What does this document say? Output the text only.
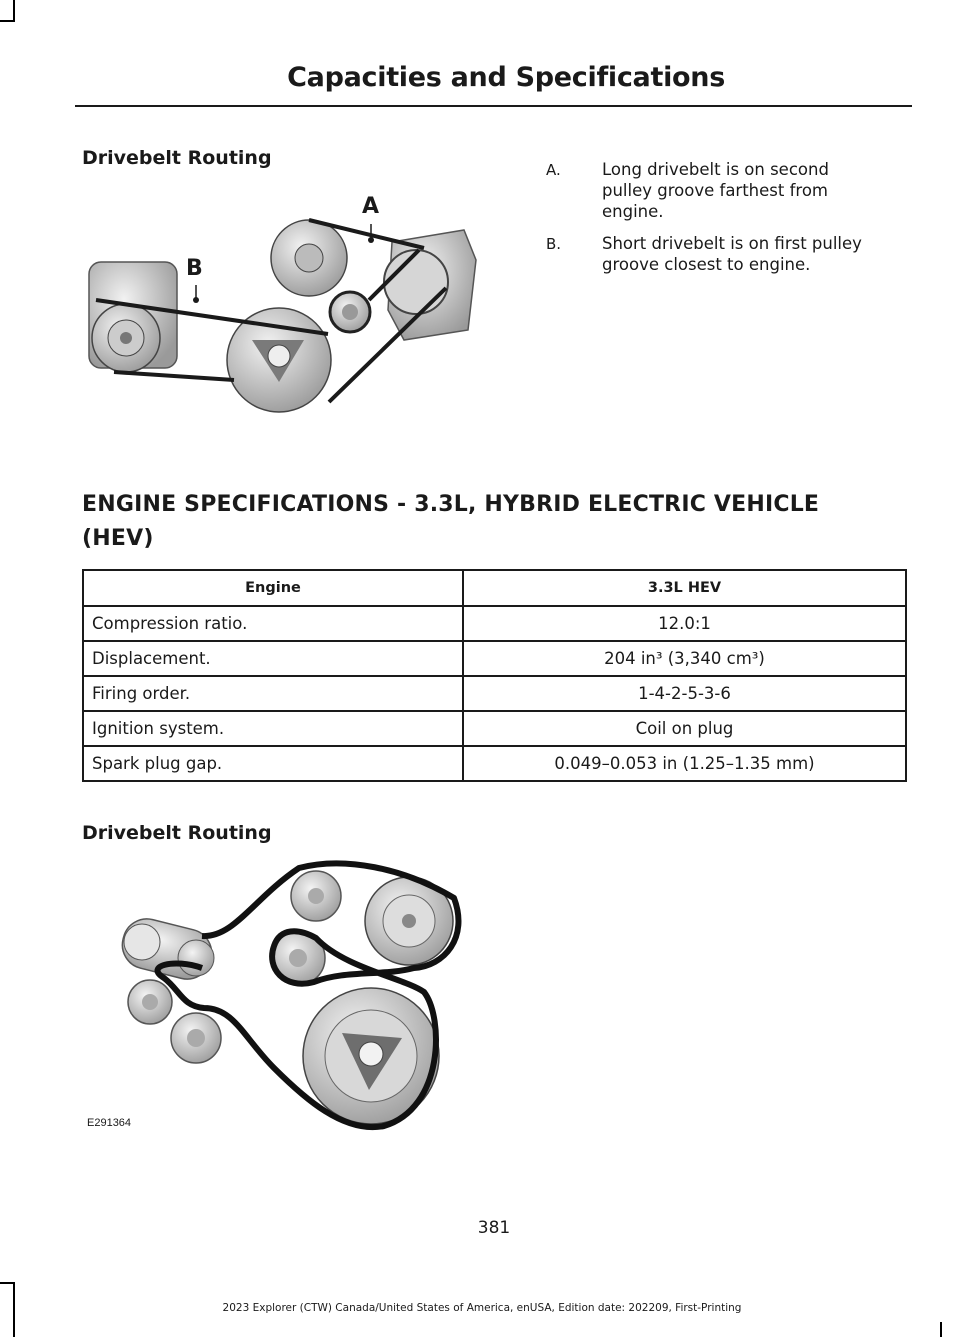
Capacities and Specifications
Drivebelt Routing
A
B
A. Long drivebelt is on second
pulley groove farthest from
engine.
B. Short drivebelt is on first pulley
groove closest to engine.
ENGINE SPECIFICATIONS - 3.3L, HYBRID ELECTRIC VEHICLE
(HEV)
Engine	3.3L HEV
Compression ratio.	12.0:1
Displacement.	204 in³ (3,340 cm³)
Firing order.	1-4-2-5-3-6
Ignition system.	Coil on plug
Spark plug gap.	0.049–0.053 in (1.25–1.35 mm)
Drivebelt Routing
E291364
381
2023 Explorer (CTW) Canada/United States of America, enUSA, Edition date: 202209, First-Printing
